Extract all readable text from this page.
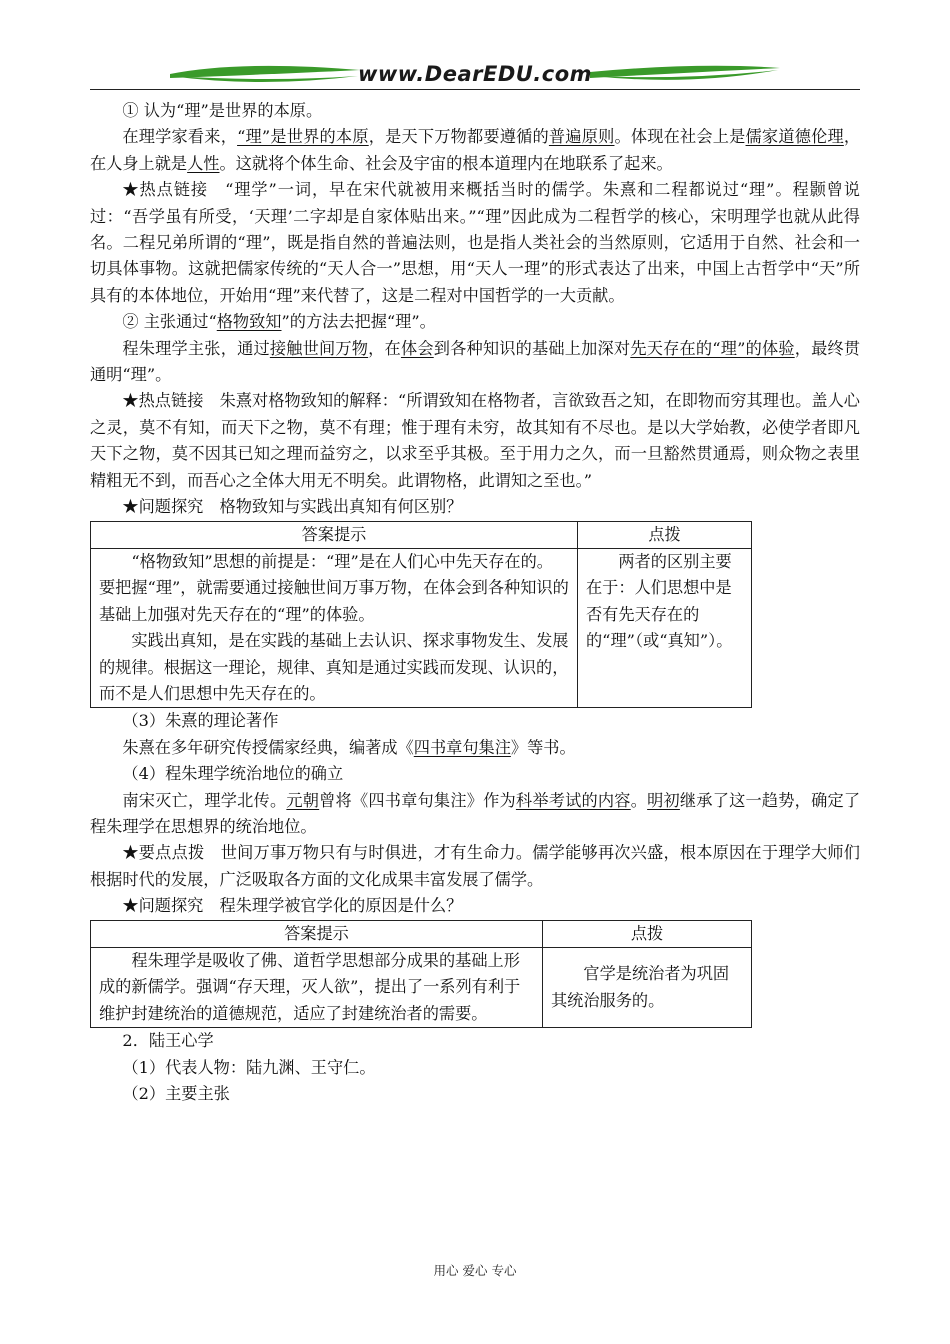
www.DearEDU.com

① 认为“理”是世界的本原。

在理学家看来，“理”是世界的本原，是天下万物都要遵循的普遍原则。体现在社会上是儒家道德伦理，在人身上就是人性。这就将个体生命、社会及宇宙的根本道理内在地联系了起来。

★热点链接　“理学”一词，早在宋代就被用来概括当时的儒学。朱熹和二程都说过“理”。程颢曾说过：“吾学虽有所受，‘天理’二字却是自家体贴出来。”“理”因此成为二程哲学的核心，宋明理学也就从此得名。二程兄弟所谓的“理”，既是指自然的普遍法则，也是指人类社会的当然原则，它适用于自然、社会和一切具体事物。这就把儒家传统的“天人合一”思想，用“天人一理”的形式表达了出来，中国上古哲学中“天”所具有的本体地位，开始用“理”来代替了，这是二程对中国哲学的一大贡献。

② 主张通过“格物致知”的方法去把握“理”。

程朱理学主张，通过接触世间万物，在体会到各种知识的基础上加深对先天存在的“理”的体验，最终贯通明“理”。

★热点链接　朱熹对格物致知的解释：“所谓致知在格物者，言欲致吾之知，在即物而穷其理也。盖人心之灵，莫不有知，而天下之物，莫不有理；惟于理有未穷，故其知有不尽也。是以大学始教，必使学者即凡天下之物，莫不因其已知之理而益穷之，以求至乎其极。至于用力之久，而一旦豁然贯通焉，则众物之表里精粗无不到，而吾心之全体大用无不明矣。此谓物格，此谓知之至也。”

★问题探究　格物致知与实践出真知有何区别？

答案提示	点拨

“格物致知”思想的前提是：“理”是在人们心中先天存在的。要把握“理”，就需要通过接触世间万事万物，在体会到各种知识的基础上加强对先天存在的“理”的体验。

实践出真知，是在实践的基础上去认识、探求事物发生、发展的规律。根据这一理论，规律、真知是通过实践而发现、认识的，而不是人们思想中先天存在的。	两者的区别主要在于：人们思想中是否有先天存在的的“理”（或“真知”）。

（3）朱熹的理论著作

朱熹在多年研究传授儒家经典，编著成《四书章句集注》等书。

（4）程朱理学统治地位的确立

南宋灭亡，理学北传。元朝曾将《四书章句集注》作为科举考试的内容。明初继承了这一趋势，确定了程朱理学在思想界的统治地位。

★要点点拨　世间万事万物只有与时俱进，才有生命力。儒学能够再次兴盛，根本原因在于理学大师们根据时代的发展，广泛吸取各方面的文化成果丰富发展了儒学。

★问题探究　程朱理学被官学化的原因是什么？

答案提示	点拨

程朱理学是吸收了佛、道哲学思想部分成果的基础上形成的新儒学。强调“存天理，灭人欲”，提出了一系列有利于维护封建统治的道德规范，适应了封建统治者的需要。	官学是统治者为巩固其统治服务的。

2．陆王心学

（1）代表人物：陆九渊、王守仁。

（2）主要主张

用心 爱心 专心
